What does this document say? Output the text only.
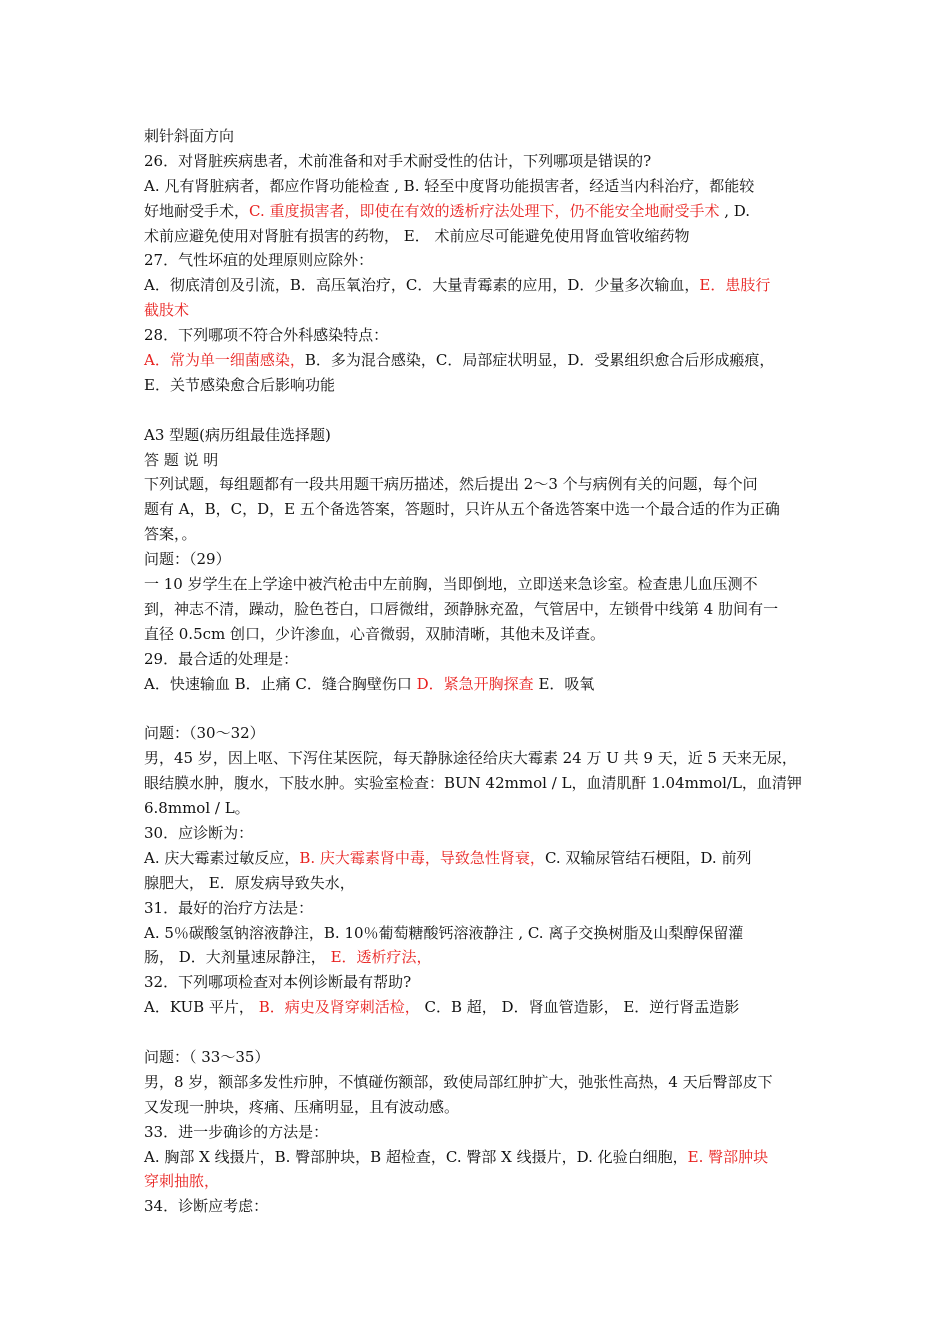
刺针斜面方向
26．对肾脏疾病患者，术前准备和对手术耐受性的估计，下列哪项是错误的?
A. 凡有肾脏病者，都应作肾功能检查 , B. 轻至中度肾功能损害者，经适当内科治疗，都能较
好地耐受手术，C. 重度损害者，即使在有效的透析疗法处理下，仍不能安全地耐受手术 , D.
术前应避免使用对肾脏有损害的药物， E． 术前应尽可能避免使用肾血管收缩药物
27．气性坏疽的处理原则应除外：
A．彻底清创及引流，B．高压氧治疗，C．大量青霉素的应用，D．少量多次输血，E．患肢行
截肢术
28．下列哪项不符合外科感染特点：
A．常为单一细菌感染，B．多为混合感染，C．局部症状明显，D．受累组织愈合后形成瘢痕，
E．关节感染愈合后影响功能
A3 型题(病历组最佳选择题)
答 题 说 明
下列试题，每组题都有一段共用题干病历描述，然后提出 2～3 个与病例有关的问题，每个问
题有 A，B，C，D，E 五个备选答案，答题时，只许从五个备选答案中选一个最合适的作为正确
答案，。
问题：（29）
一 10 岁学生在上学途中被汽枪击中左前胸，当即倒地，立即送来急诊室。检查患儿血压测不
到，神志不清，躁动，脸色苍白，口唇微绀，颈静脉充盈，气管居中，左锁骨中线第 4 肋间有一
直径 0.5cm 创口，少许渗血，心音微弱，双肺清晰，其他未及详查。
29．最合适的处理是：
A．快速输血 B．止痛 C．缝合胸壁伤口 D．紧急开胸探查 E．吸氧
问题：（30～32）
男，45 岁，因上呕、下泻住某医院，每天静脉途径给庆大霉素 24 万 U 共 9 天，近 5 天来无尿，
眼结膜水肿，腹水，下肢水肿。实验室检查：BUN 42mmol / L，血清肌酐 1.04mmol/L，血清钾
6.8mmol / L。
30．应诊断为：
A. 庆大霉素过敏反应，B. 庆大霉素肾中毒，导致急性肾衰，C. 双输尿管结石梗阻，D. 前列
腺肥大， E．原发病导致失水，
31．最好的治疗方法是：
A. 5％碳酸氢钠溶液静注，B. 10％葡萄糖酸钙溶液静注 , C. 离子交换树脂及山梨醇保留灌
肠， D．大剂量速尿静注， E．透析疗法，
32．下列哪项检查对本例诊断最有帮助?
A．KUB 平片， B．病史及肾穿刺活检， C．B 超， D．肾血管造影， E．逆行肾盂造影
问题：（ 33～35）
男，8 岁，额部多发性疖肿，不慎碰伤额部，致使局部红肿扩大，弛张性高热，4 天后臀部皮下
又发现一肿块，疼痛、压痛明显，且有波动感。
33．进一步确诊的方法是：
A. 胸部 X 线摄片，B. 臀部肿块，B 超检查，C. 臀部 X 线摄片，D. 化验白细胞，E. 臀部肿块
穿刺抽脓，
34．诊断应考虑：
